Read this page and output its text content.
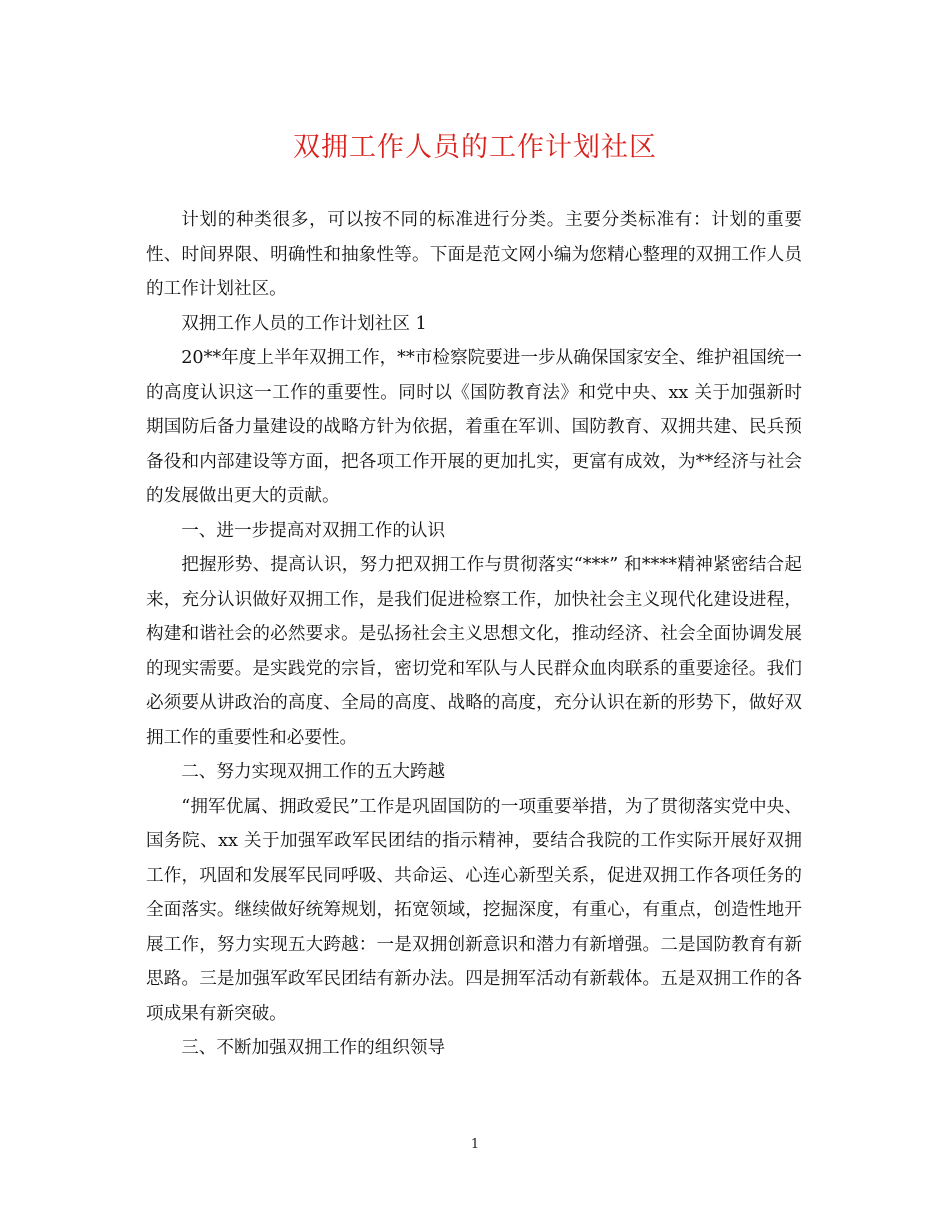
双拥工作人员的工作计划社区

计划的种类很多，可以按不同的标准进行分类。主要分类标准有：计划的重要性、时间界限、明确性和抽象性等。下面是范文网小编为您精心整理的双拥工作人员的工作计划社区。

双拥工作人员的工作计划社区 1

20**年度上半年双拥工作，**市检察院要进一步从确保国家安全、维护祖国统一的高度认识这一工作的重要性。同时以《国防教育法》和党中央、xx 关于加强新时期国防后备力量建设的战略方针为依据，着重在军训、国防教育、双拥共建、民兵预备役和内部建设等方面，把各项工作开展的更加扎实，更富有成效，为**经济与社会的发展做出更大的贡献。

一、进一步提高对双拥工作的认识

把握形势、提高认识，努力把双拥工作与贯彻落实“***” 和****精神紧密结合起来，充分认识做好双拥工作，是我们促进检察工作，加快社会主义现代化建设进程，构建和谐社会的必然要求。是弘扬社会主义思想文化，推动经济、社会全面协调发展的现实需要。是实践党的宗旨，密切党和军队与人民群众血肉联系的重要途径。我们必须要从讲政治的高度、全局的高度、战略的高度，充分认识在新的形势下，做好双拥工作的重要性和必要性。

二、努力实现双拥工作的五大跨越

“拥军优属、拥政爱民”工作是巩固国防的一项重要举措，为了贯彻落实党中央、国务院、xx 关于加强军政军民团结的指示精神，要结合我院的工作实际开展好双拥工作，巩固和发展军民同呼吸、共命运、心连心新型关系，促进双拥工作各项任务的全面落实。继续做好统筹规划，拓宽领域，挖掘深度，有重心，有重点，创造性地开展工作，努力实现五大跨越：一是双拥创新意识和潜力有新增强。二是国防教育有新思路。三是加强军政军民团结有新办法。四是拥军活动有新载体。五是双拥工作的各项成果有新突破。

三、不断加强双拥工作的组织领导

1
